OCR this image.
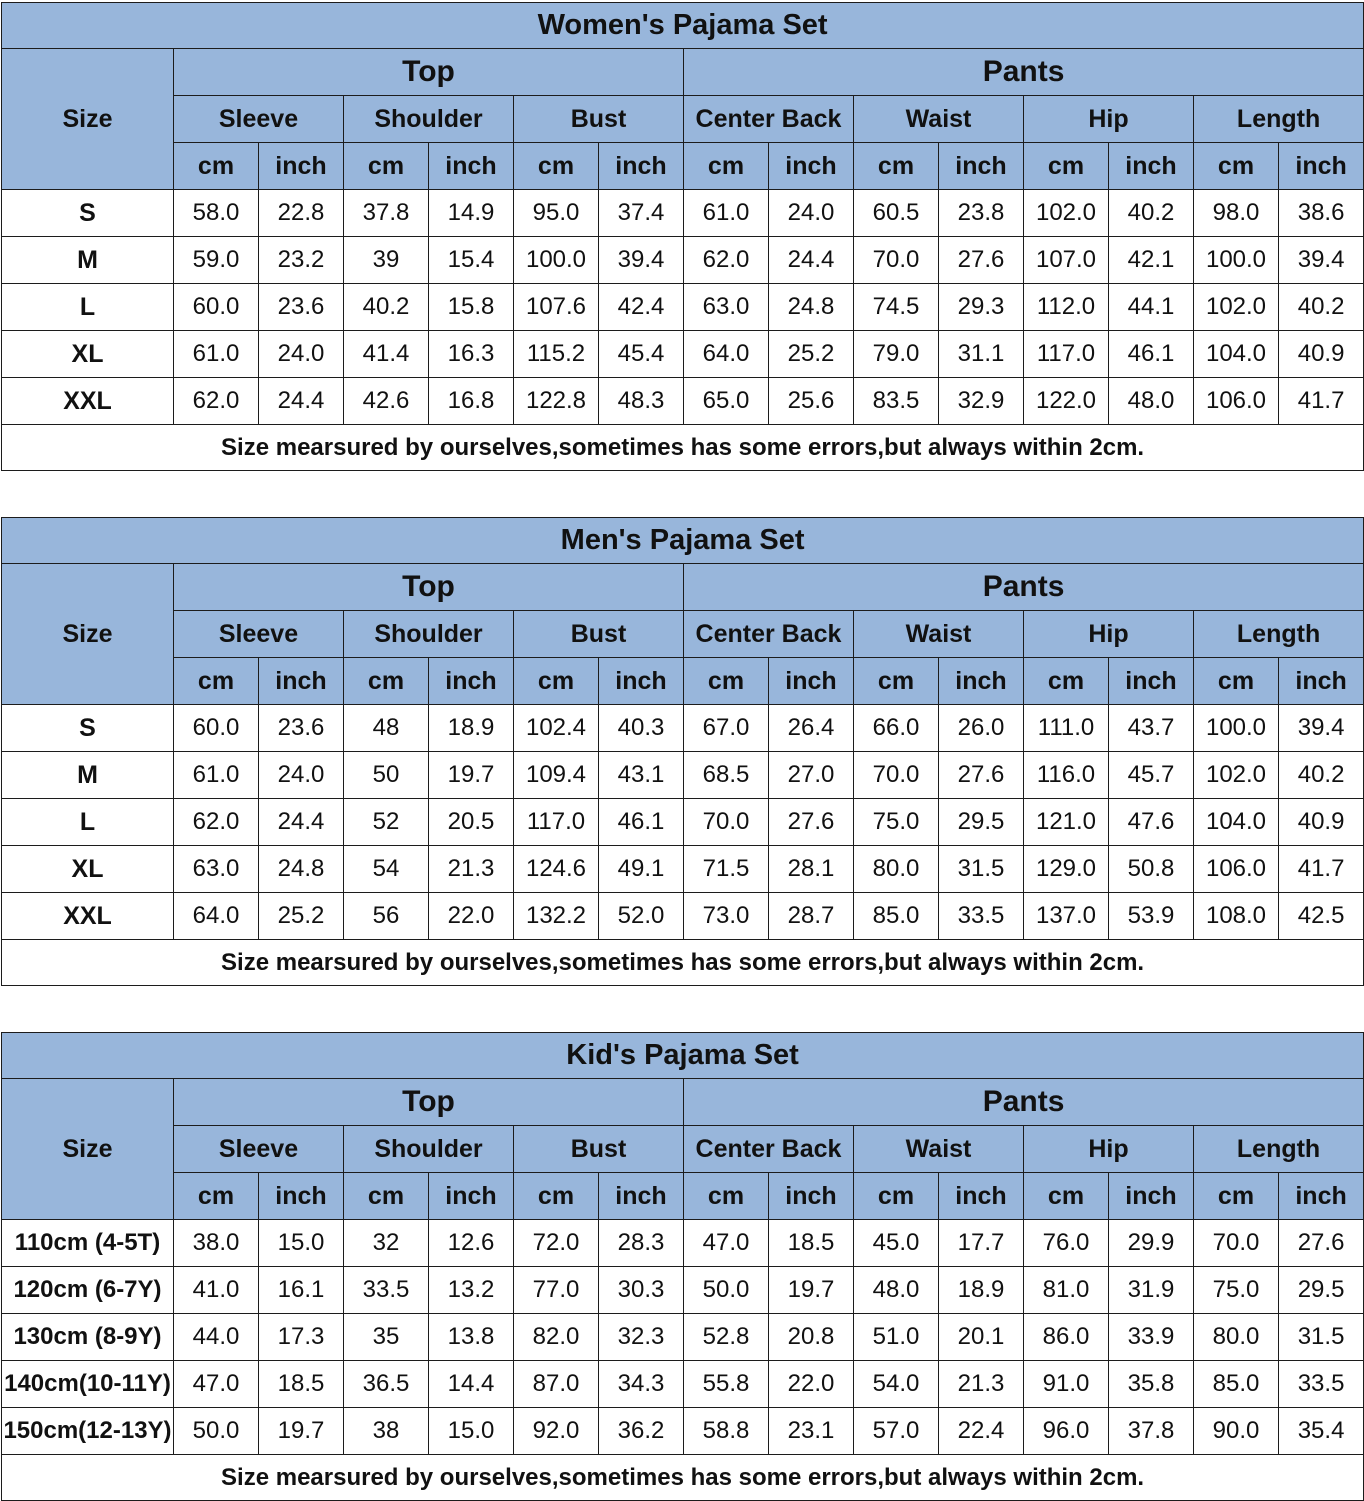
Women's Pajama Set														
Size	Top						Pants							
	Sleeve		Shoulder		Bust		Center Back		Waist		Hip		Length	
	cm	inch	cm	inch	cm	inch	cm	inch	cm	inch	cm	inch	cm	inch
S	58.0	22.8	37.8	14.9	95.0	37.4	61.0	24.0	60.5	23.8	102.0	40.2	98.0	38.6
M	59.0	23.2	39	15.4	100.0	39.4	62.0	24.4	70.0	27.6	107.0	42.1	100.0	39.4
L	60.0	23.6	40.2	15.8	107.6	42.4	63.0	24.8	74.5	29.3	112.0	44.1	102.0	40.2
XL	61.0	24.0	41.4	16.3	115.2	45.4	64.0	25.2	79.0	31.1	117.0	46.1	104.0	40.9
XXL	62.0	24.4	42.6	16.8	122.8	48.3	65.0	25.6	83.5	32.9	122.0	48.0	106.0	41.7
Size mearsured by ourselves,sometimes has some errors,but always within 2cm.														
Men's Pajama Set														
Size	Top						Pants							
	Sleeve		Shoulder		Bust		Center Back		Waist		Hip		Length	
	cm	inch	cm	inch	cm	inch	cm	inch	cm	inch	cm	inch	cm	inch
S	60.0	23.6	48	18.9	102.4	40.3	67.0	26.4	66.0	26.0	111.0	43.7	100.0	39.4
M	61.0	24.0	50	19.7	109.4	43.1	68.5	27.0	70.0	27.6	116.0	45.7	102.0	40.2
L	62.0	24.4	52	20.5	117.0	46.1	70.0	27.6	75.0	29.5	121.0	47.6	104.0	40.9
XL	63.0	24.8	54	21.3	124.6	49.1	71.5	28.1	80.0	31.5	129.0	50.8	106.0	41.7
XXL	64.0	25.2	56	22.0	132.2	52.0	73.0	28.7	85.0	33.5	137.0	53.9	108.0	42.5
Size mearsured by ourselves,sometimes has some errors,but always within 2cm.														
Kid's Pajama Set														
Size	Top						Pants							
	Sleeve		Shoulder		Bust		Center Back		Waist		Hip		Length	
	cm	inch	cm	inch	cm	inch	cm	inch	cm	inch	cm	inch	cm	inch
110cm (4-5T)	38.0	15.0	32	12.6	72.0	28.3	47.0	18.5	45.0	17.7	76.0	29.9	70.0	27.6
120cm (6-7Y)	41.0	16.1	33.5	13.2	77.0	30.3	50.0	19.7	48.0	18.9	81.0	31.9	75.0	29.5
130cm (8-9Y)	44.0	17.3	35	13.8	82.0	32.3	52.8	20.8	51.0	20.1	86.0	33.9	80.0	31.5
140cm(10-11Y)	47.0	18.5	36.5	14.4	87.0	34.3	55.8	22.0	54.0	21.3	91.0	35.8	85.0	33.5
150cm(12-13Y)	50.0	19.7	38	15.0	92.0	36.2	58.8	23.1	57.0	22.4	96.0	37.8	90.0	35.4
Size mearsured by ourselves,sometimes has some errors,but always within 2cm.														
